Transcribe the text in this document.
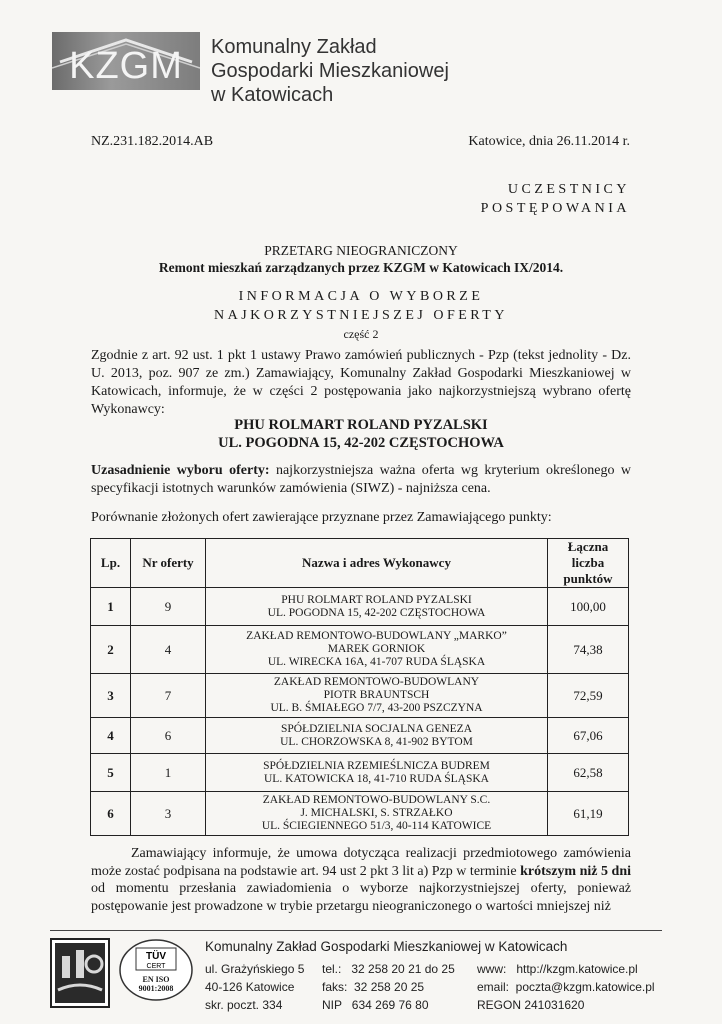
KZGM Komunalny Zakład
Gospodarki Mieszkaniowej
w Katowicach
NZ.231.182.2014.AB	Katowice, dnia 26.11.2014 r.
UCZESTNICY
POSTĘPOWANIA
PRZETARG NIEOGRANICZONY
Remont mieszkań zarządzanych przez KZGM w Katowicach IX/2014.
INFORMACJA O WYBORZE
NAJKORZYSTNIEJSZEJ OFERTY
część 2
Zgodnie z art. 92 ust. 1 pkt 1 ustawy Prawo zamówień publicznych - Pzp (tekst jednolity - Dz. U. 2013, poz. 907 ze zm.) Zamawiający, Komunalny Zakład Gospodarki Mieszkaniowej w Katowicach, informuje, że w części 2 postępowania jako najkorzystniejszą wybrano ofertę Wykonawcy:
PHU ROLMART ROLAND PYZALSKI
UL. POGODNA 15, 42-202 CZĘSTOCHOWA
Uzasadnienie wyboru oferty: najkorzystniejsza ważna oferta wg kryterium określonego w specyfikacji istotnych warunków zamówienia (SIWZ) - najniższa cena.
Porównanie złożonych ofert zawierające przyznane przez Zamawiającego punkty:
Lp.	Nr oferty	Nazwa i adres Wykonawcy	Łączna liczba punktów
1	9	PHU ROLMART ROLAND PYZALSKI
UL. POGODNA 15, 42-202 CZĘSTOCHOWA	100,00
2	4	ZAKŁAD REMONTOWO-BUDOWLANY „MARKO”
MAREK GORNIOK
UL. WIRECKA 16A, 41-707 RUDA ŚLĄSKA	74,38
3	7	ZAKŁAD REMONTOWO-BUDOWLANY
PIOTR BRAUNTSCH
UL. B. ŚMIAŁEGO 7/7, 43-200 PSZCZYNA	72,59
4	6	SPÓŁDZIELNIA SOCJALNA GENEZA
UL. CHORZOWSKA 8, 41-902 BYTOM	67,06
5	1	SPÓŁDZIELNIA RZEMIEŚLNICZA BUDREM
UL. KATOWICKA 18, 41-710 RUDA ŚLĄSKA	62,58
6	3	ZAKŁAD REMONTOWO-BUDOWLANY S.C.
J. MICHALSKI, S. STRZAŁKO
UL. ŚCIEGIENNEGO 51/3, 40-114 KATOWICE	61,19
Zamawiający informuje, że umowa dotycząca realizacji przedmiotowego zamówienia może zostać podpisana na podstawie art. 94 ust 2 pkt 3 lit a) Pzp w terminie krótszym niż 5 dni od momentu przesłania zawiadomienia o wyborze najkorzystniejszej oferty, ponieważ postępowanie jest prowadzone w trybie przetargu nieograniczonego o wartości mniejszej niż
TÜV
CERT
EN ISO
9001:2008
Komunalny Zakład Gospodarki Mieszkaniowej w Katowicach
ul. Grażyńskiego 5
40-126 Katowice
skr. poczt. 334
tel.:   32 258 20 21 do 25
faks:  32 258 20 25
NIP   634 269 76 80
www:   http://kzgm.katowice.pl
email:  poczta@kzgm.katowice.pl
REGON 241031620
